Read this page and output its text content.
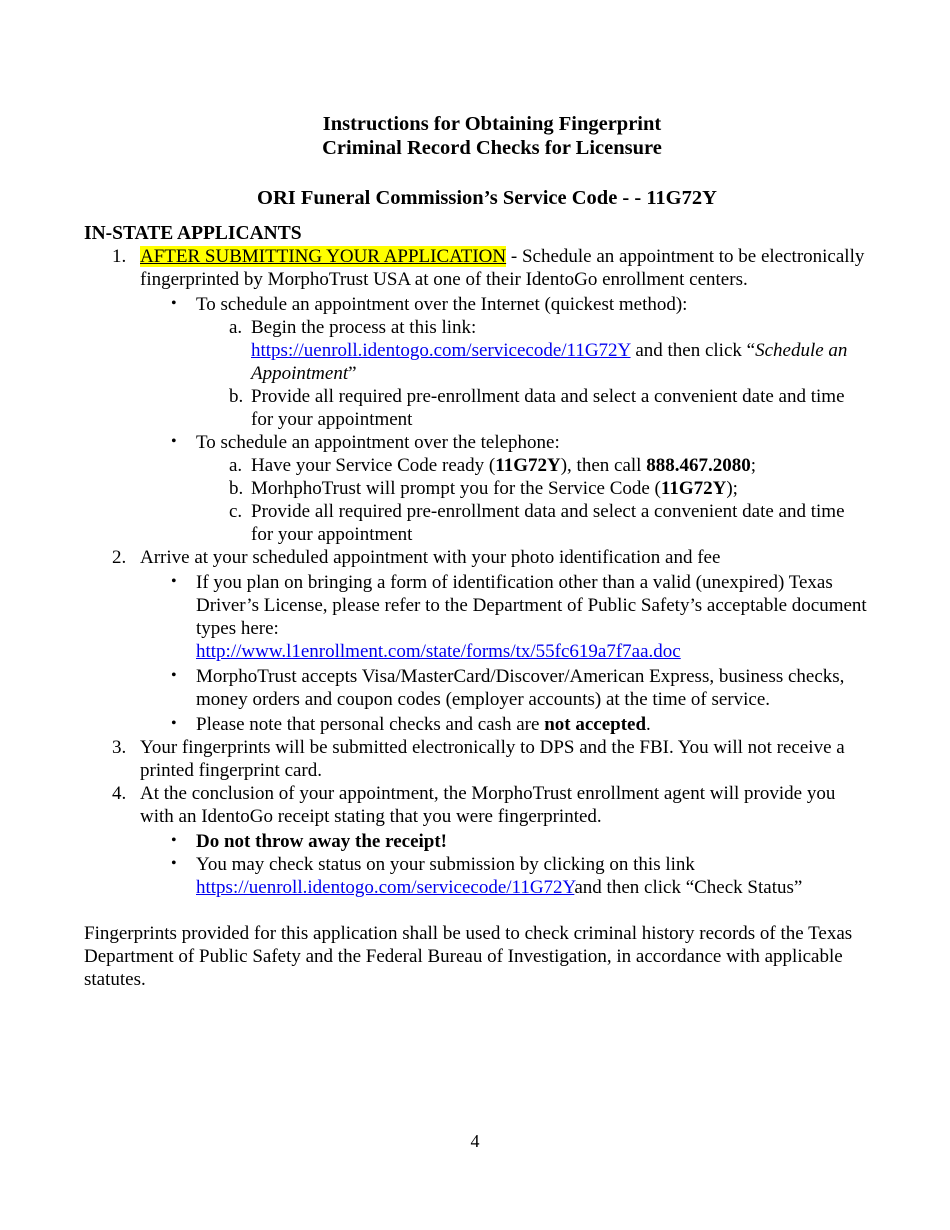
Instructions for Obtaining Fingerprint
Criminal Record Checks for Licensure
ORI Funeral Commission’s Service Code - - 11G72Y
IN-STATE APPLICANTS
1. AFTER SUBMITTING YOUR APPLICATION - Schedule an appointment to be electronically fingerprinted by MorphoTrust USA at one of their IdentoGo enrollment centers.
• To schedule an appointment over the Internet (quickest method):
a. Begin the process at this link:
https://uenroll.identogo.com/servicecode/11G72Y and then click “Schedule an Appointment”
b. Provide all required pre-enrollment data and select a convenient date and time for your appointment
• To schedule an appointment over the telephone:
a. Have your Service Code ready (11G72Y), then call 888.467.2080;
b. MorhphoTrust will prompt you for the Service Code (11G72Y);
c. Provide all required pre-enrollment data and select a convenient date and time for your appointment
2. Arrive at your scheduled appointment with your photo identification and fee
• If you plan on bringing a form of identification other than a valid (unexpired) Texas Driver’s License, please refer to the Department of Public Safety’s acceptable document types here:
http://www.l1enrollment.com/state/forms/tx/55fc619a7f7aa.doc
• MorphoTrust accepts Visa/MasterCard/Discover/American Express, business checks, money orders and coupon codes (employer accounts) at the time of service.
• Please note that personal checks and cash are not accepted.
3. Your fingerprints will be submitted electronically to DPS and the FBI. You will not receive a printed fingerprint card.
4. At the conclusion of your appointment, the MorphoTrust enrollment agent will provide you with an IdentoGo receipt stating that you were fingerprinted.
• Do not throw away the receipt!
• You may check status on your submission by clicking on this link
https://uenroll.identogo.com/servicecode/11G72Yand then click “Check Status”
Fingerprints provided for this application shall be used to check criminal history records of the Texas Department of Public Safety and the Federal Bureau of Investigation, in accordance with applicable statutes.
4
